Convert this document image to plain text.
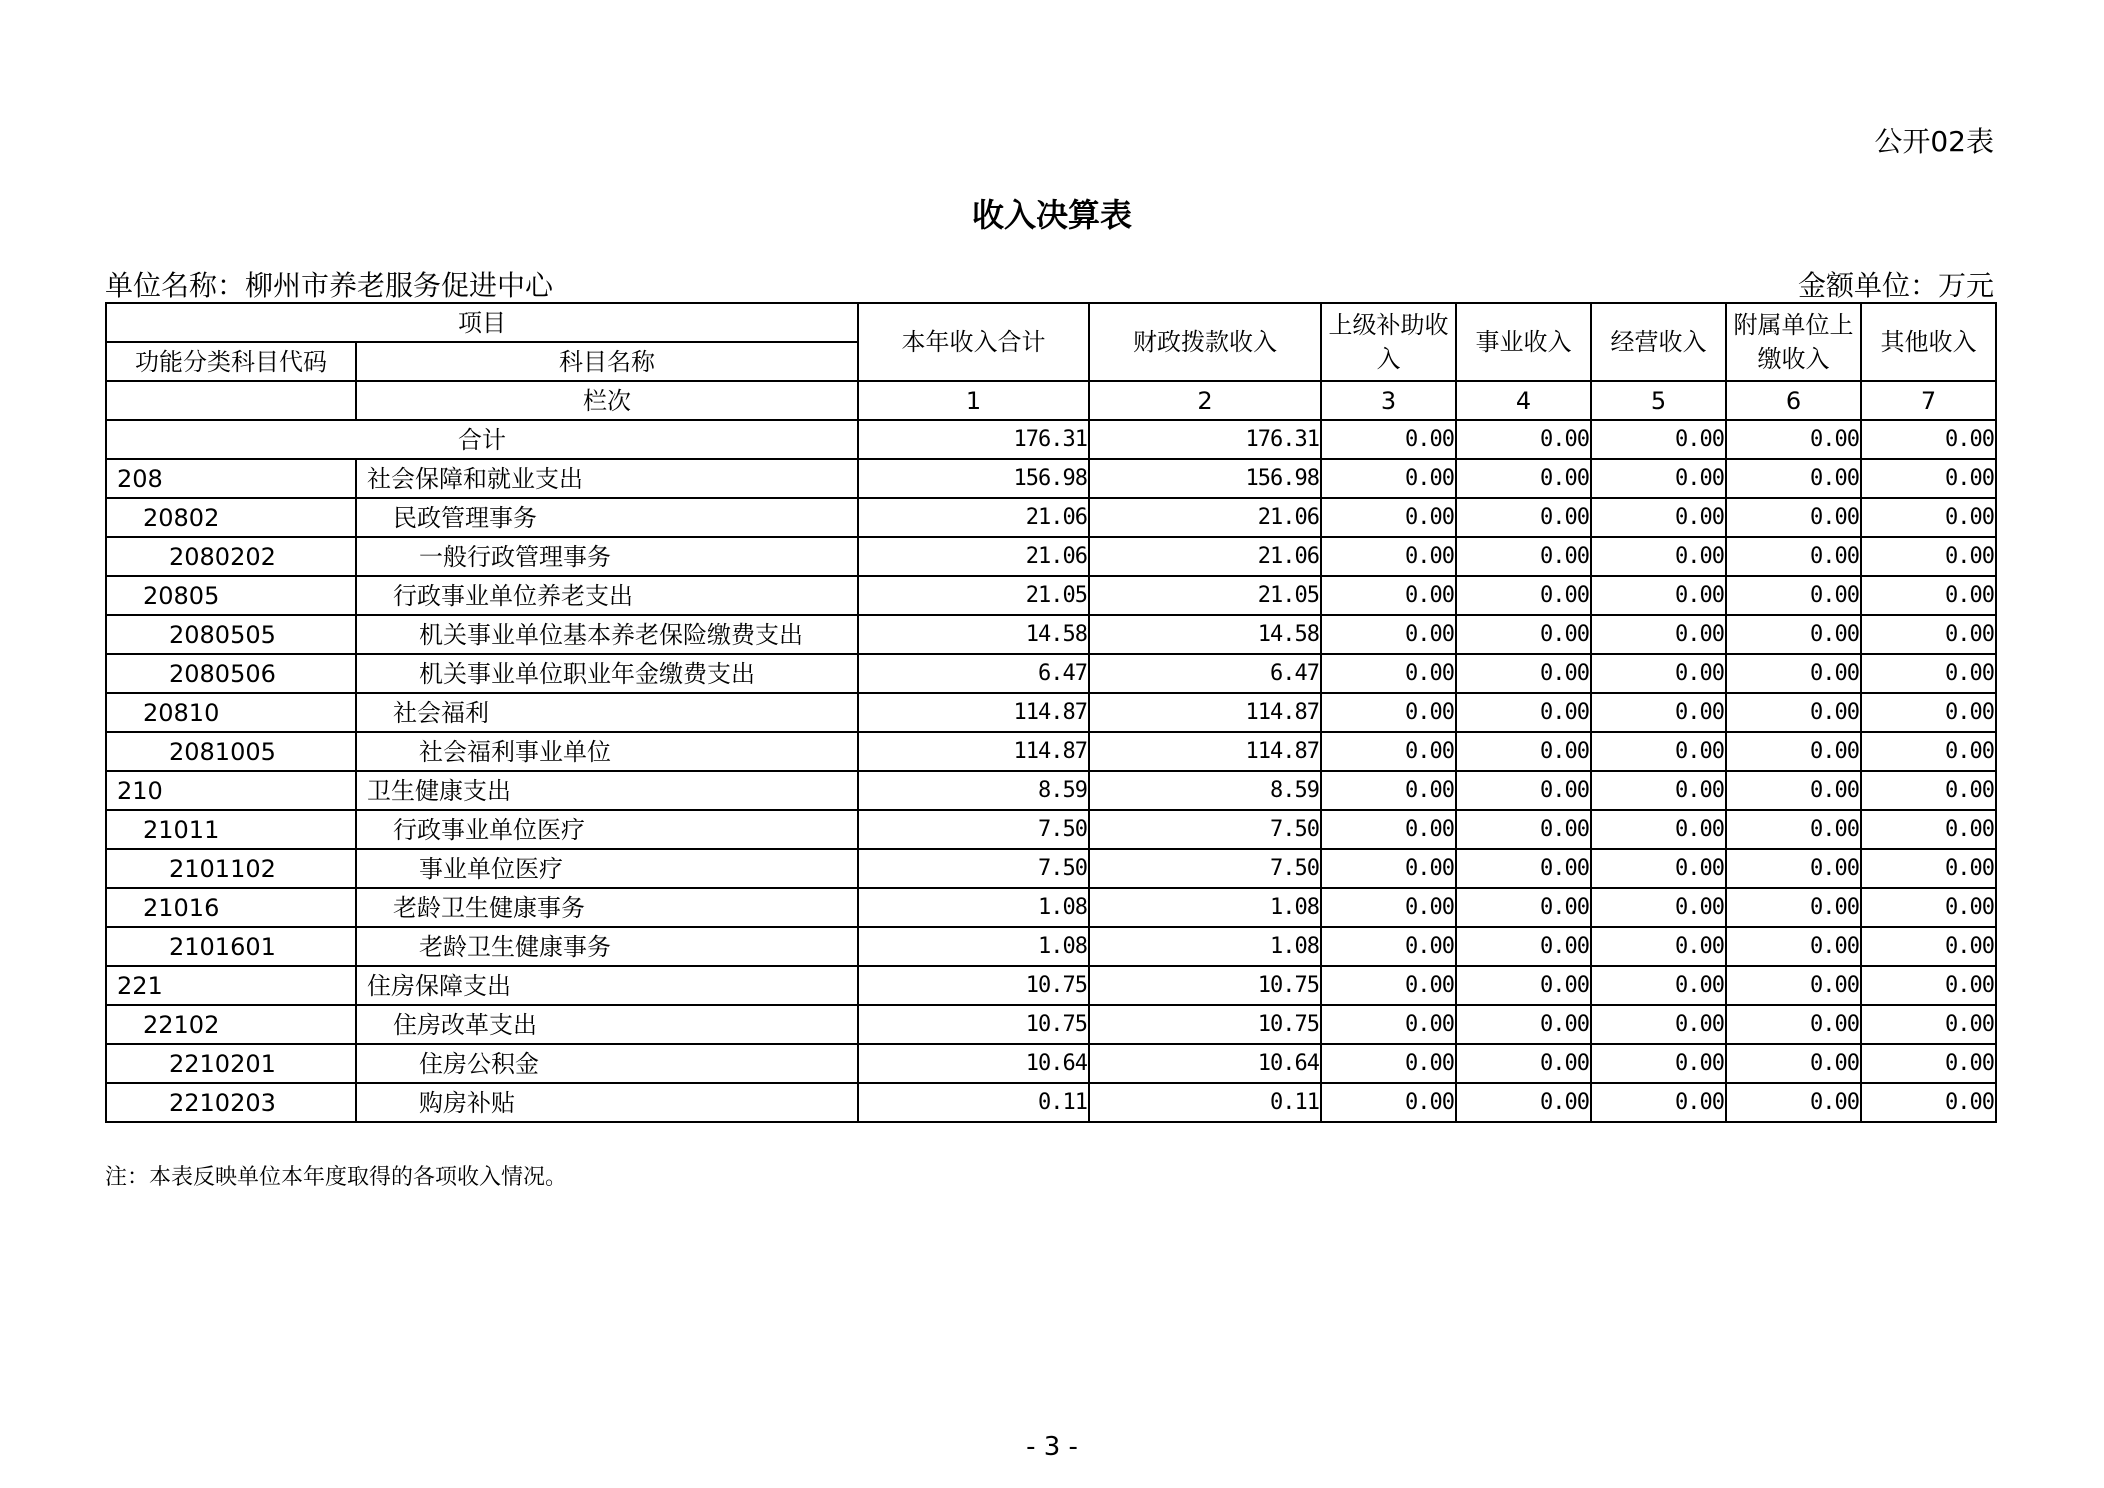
公开02表
收入决算表
单位名称：柳州市养老服务促进中心	金额单位：万元
项目		本年收入合计	财政拨款收入	上级补助收入	事业收入	经营收入	附属单位上缴收入	其他收入
功能分类科目代码	科目名称							
	栏次	1	2	3	4	5	6	7
合计		176.31	176.31	0.00	0.00	0.00	0.00	0.00
208	社会保障和就业支出	156.98	156.98	0.00	0.00	0.00	0.00	0.00
20802	民政管理事务	21.06	21.06	0.00	0.00	0.00	0.00	0.00
2080202	一般行政管理事务	21.06	21.06	0.00	0.00	0.00	0.00	0.00
20805	行政事业单位养老支出	21.05	21.05	0.00	0.00	0.00	0.00	0.00
2080505	机关事业单位基本养老保险缴费支出	14.58	14.58	0.00	0.00	0.00	0.00	0.00
2080506	机关事业单位职业年金缴费支出	6.47	6.47	0.00	0.00	0.00	0.00	0.00
20810	社会福利	114.87	114.87	0.00	0.00	0.00	0.00	0.00
2081005	社会福利事业单位	114.87	114.87	0.00	0.00	0.00	0.00	0.00
210	卫生健康支出	8.59	8.59	0.00	0.00	0.00	0.00	0.00
21011	行政事业单位医疗	7.50	7.50	0.00	0.00	0.00	0.00	0.00
2101102	事业单位医疗	7.50	7.50	0.00	0.00	0.00	0.00	0.00
21016	老龄卫生健康事务	1.08	1.08	0.00	0.00	0.00	0.00	0.00
2101601	老龄卫生健康事务	1.08	1.08	0.00	0.00	0.00	0.00	0.00
221	住房保障支出	10.75	10.75	0.00	0.00	0.00	0.00	0.00
22102	住房改革支出	10.75	10.75	0.00	0.00	0.00	0.00	0.00
2210201	住房公积金	10.64	10.64	0.00	0.00	0.00	0.00	0.00
2210203	购房补贴	0.11	0.11	0.00	0.00	0.00	0.00	0.00
注：本表反映单位本年度取得的各项收入情况。
- 3 -
